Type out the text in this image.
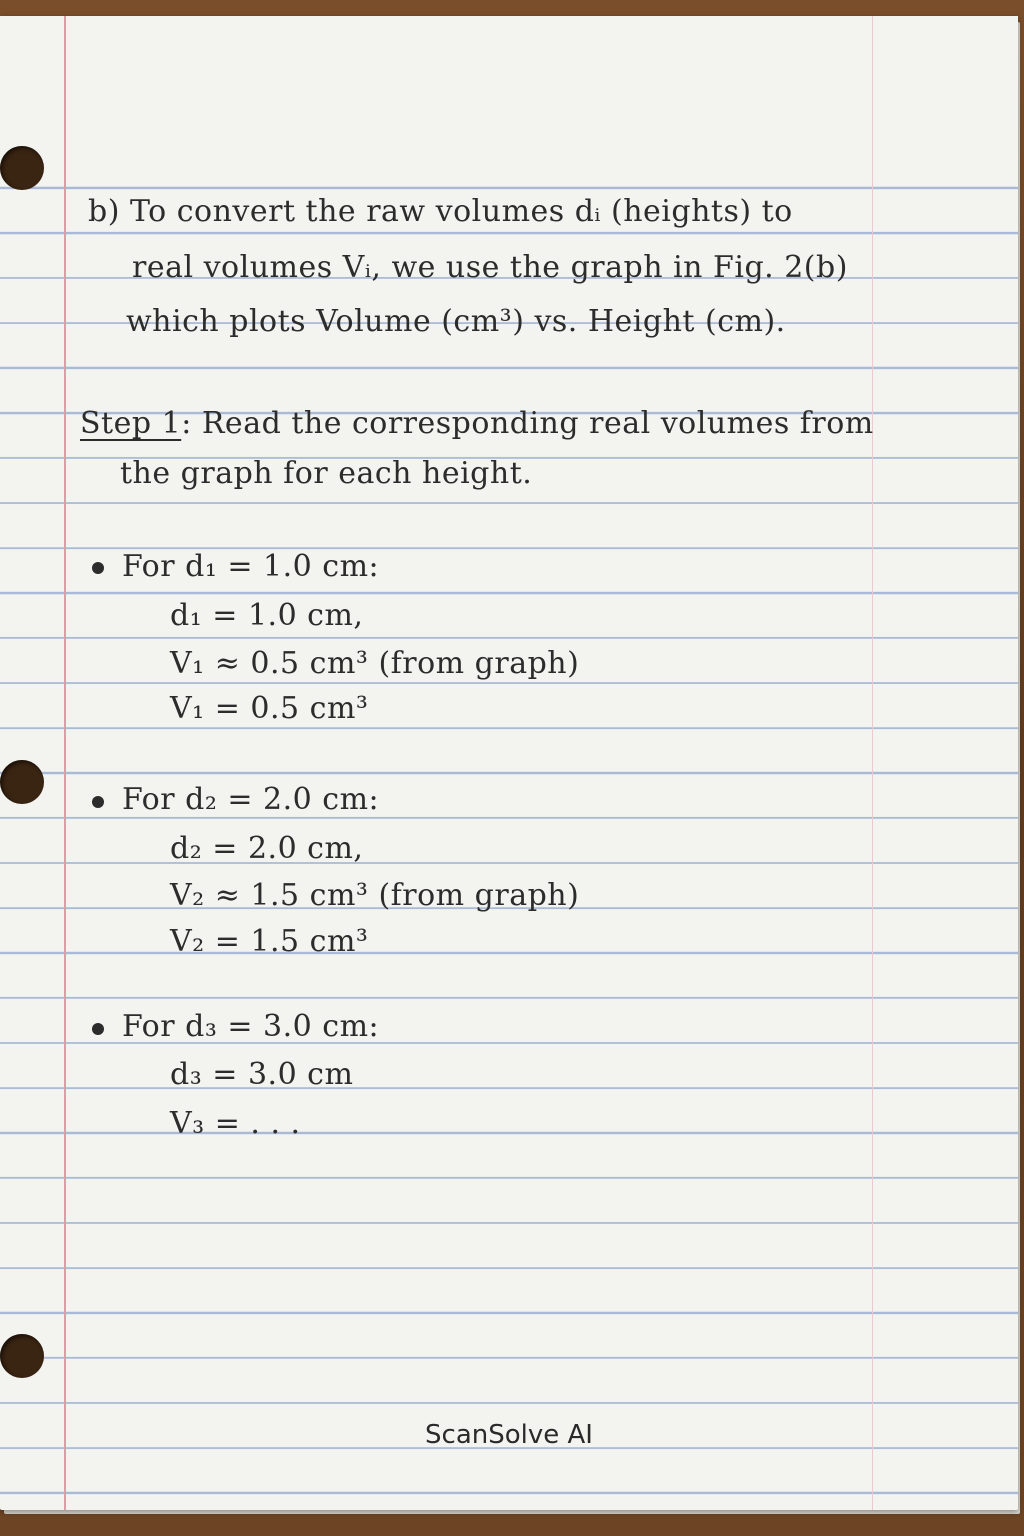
b) To convert the raw volumes dᵢ (heights) to

real volumes Vᵢ, we use the graph in Fig. 2(b)

which plots Volume (cm³) vs. Height (cm).

Step 1: Read the corresponding real volumes from

the graph for each height.

For d₁ = 1.0 cm:

d₁ = 1.0 cm,

V₁ ≈ 0.5 cm³ (from graph)

V₁ = 0.5 cm³

For d₂ = 2.0 cm:

d₂ = 2.0 cm,

V₂ ≈ 1.5 cm³ (from graph)

V₂ = 1.5 cm³

For d₃ = 3.0 cm:

d₃ = 3.0 cm

V₃ = . . .

ScanSolve AI
